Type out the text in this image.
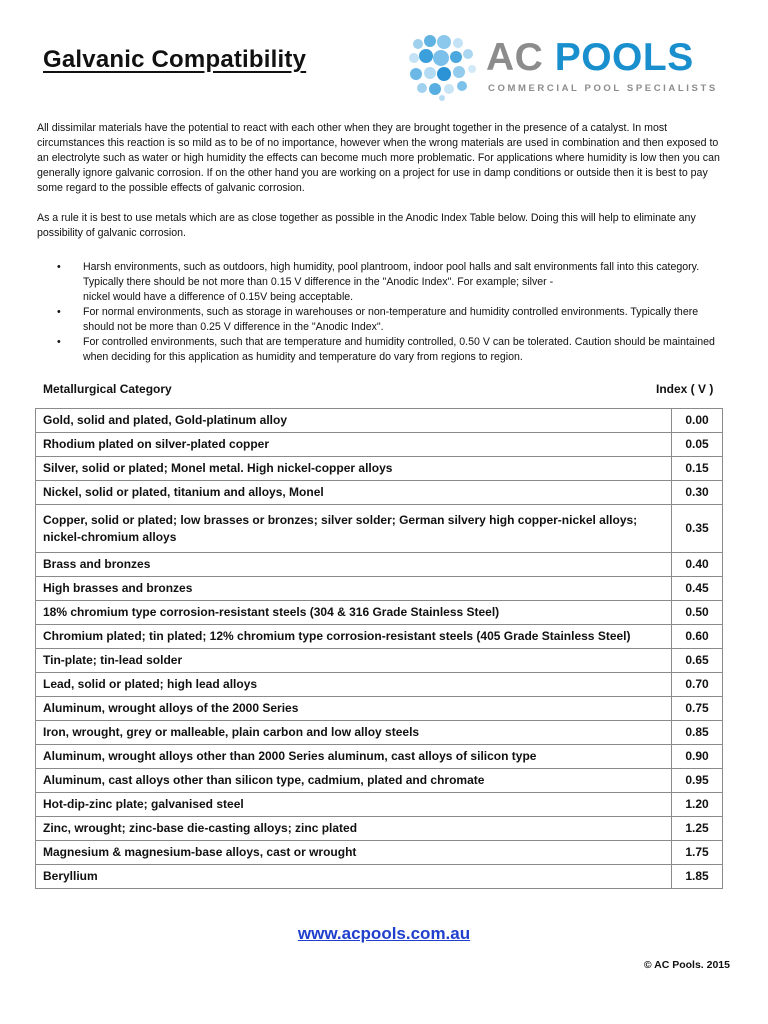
Galvanic Compatibility	AC POOLS
COMMERCIAL POOL SPECIALISTS
All dissimilar materials have the potential to react with each other when they are brought together in the presence of a catalyst. In most circumstances this reaction is so mild as to be of no importance, however when the wrong materials are used in combination and then exposed to an electrolyte such as water or high humidity the effects can become much more problematic. For applications where humidity is low then you can generally ignore galvanic corrosion. If on the other hand you are working on a project for use in damp conditions or outside then it is best to pay some regard to the possible effects of galvanic corrosion.
As a rule it is best to use metals which are as close together as possible in the Anodic Index Table below. Doing this will help to eliminate any possibility of galvanic corrosion.
• Harsh environments, such as outdoors, high humidity, pool plantroom, indoor pool halls and salt environments fall into this category. Typically there should be not more than 0.15 V difference in the "Anodic Index". For example; silver -
nickel would have a difference of 0.15V being acceptable.
• For normal environments, such as storage in warehouses or non-temperature and humidity controlled environments. Typically there should not be more than 0.25 V difference in the "Anodic Index".
• For controlled environments, such that are temperature and humidity controlled, 0.50 V can be tolerated. Caution should be maintained when deciding for this application as humidity and temperature do vary from regions to region.
Metallurgical Category	Index ( V )
Gold, solid and plated, Gold-platinum alloy	0.00
Rhodium plated on silver-plated copper	0.05
Silver, solid or plated; Monel metal. High nickel-copper alloys	0.15
Nickel, solid or plated, titanium and alloys, Monel	0.30
Copper, solid or plated; low brasses or bronzes; silver solder; German silvery high copper-nickel alloys; nickel-chromium alloys	0.35
Brass and bronzes	0.40
High brasses and bronzes	0.45
18% chromium type corrosion-resistant steels (304 & 316 Grade Stainless Steel)	0.50
Chromium plated; tin plated; 12% chromium type corrosion-resistant steels (405 Grade Stainless Steel)	0.60
Tin-plate; tin-lead solder	0.65
Lead, solid or plated; high lead alloys	0.70
Aluminum, wrought alloys of the 2000 Series	0.75
Iron, wrought, grey or malleable, plain carbon and low alloy steels	0.85
Aluminum, wrought alloys other than 2000 Series aluminum, cast alloys of silicon type	0.90
Aluminum, cast alloys other than silicon type, cadmium, plated and chromate	0.95
Hot-dip-zinc plate; galvanised steel	1.20
Zinc, wrought; zinc-base die-casting alloys; zinc plated	1.25
Magnesium & magnesium-base alloys, cast or wrought	1.75
Beryllium	1.85
www.acpools.com.au
© AC Pools. 2015
